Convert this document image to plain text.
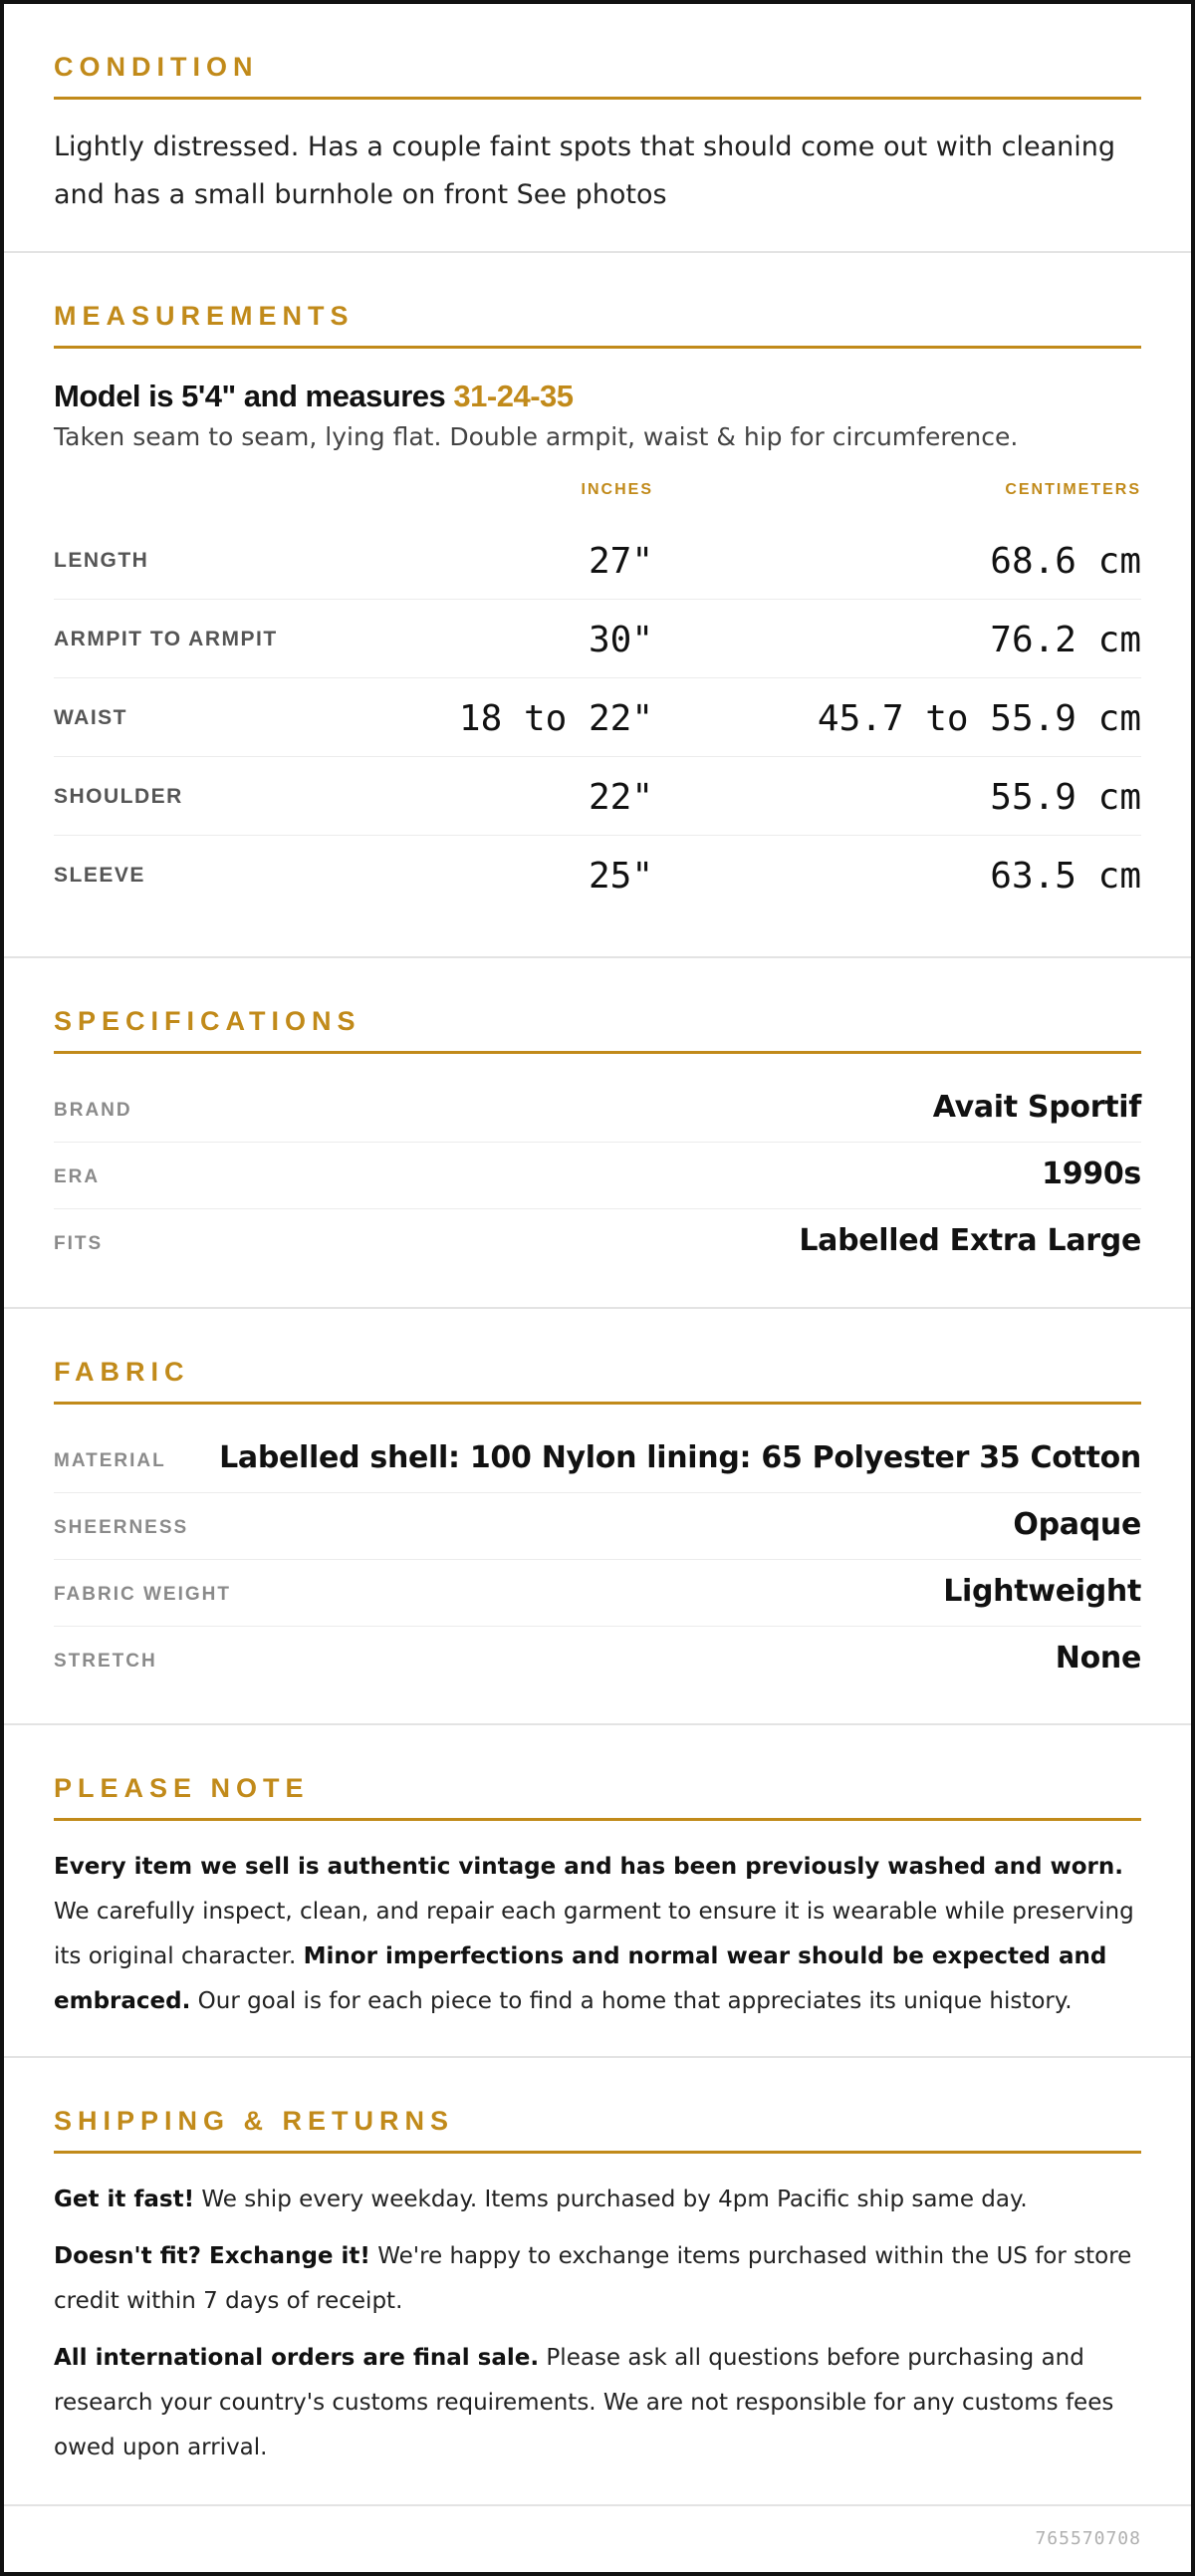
CONDITION

Lightly distressed. Has a couple faint spots that should come out with cleaning and has a small burnhole on front See photos

MEASUREMENTS
Model is 5'4" and measures 31-24-35
Taken seam to seam, lying flat. Double armpit, waist & hip for circumference.
INCHES	CENTIMETERS
LENGTH	27"	68.6 cm
ARMPIT TO ARMPIT	30"	76.2 cm
WAIST	18 to 22"	45.7 to 55.9 cm
SHOULDER	22"	55.9 cm
SLEEVE	25"	63.5 cm
SPECIFICATIONS
BRAND	Avait Sportif
ERA	1990s
FITS	Labelled Extra Large
FABRIC
MATERIAL Labelled shell: 100 Nylon lining: 65 Polyester 35 Cotton
SHEERNESS	Opaque
FABRIC WEIGHT	Lightweight
STRETCH	None
PLEASE NOTE

Every item we sell is authentic vintage and has been previously washed and worn. We carefully inspect, clean, and repair each garment to ensure it is wearable while preserving its original character. Minor imperfections and normal wear should be expected and embraced. Our goal is for each piece to find a home that appreciates its unique history.

SHIPPING & RETURNS

Get it fast! We ship every weekday. Items purchased by 4pm Pacific ship same day.

Doesn't fit? Exchange it! We're happy to exchange items purchased within the US for store credit within 7 days of receipt.

All international orders are final sale. Please ask all questions before purchasing and research your country's customs requirements. We are not responsible for any customs fees owed upon arrival.

765570708
